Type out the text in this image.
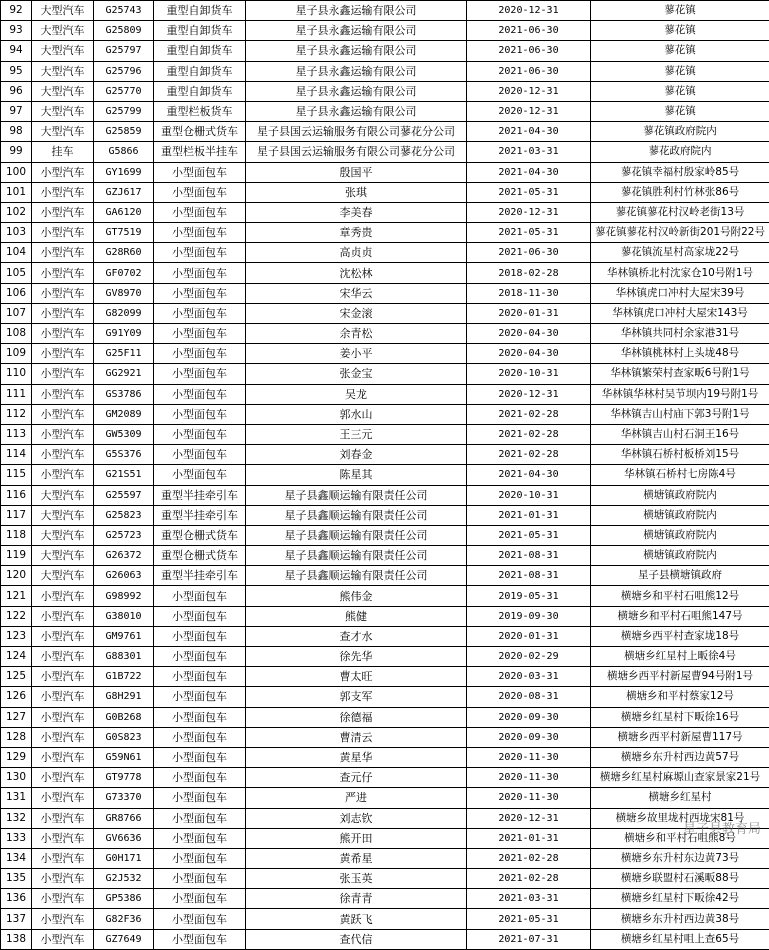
92	大型汽车	G25743	重型自卸货车	星子县永鑫运输有限公司	2020-12-31	蓼花镇
93	大型汽车	G25809	重型自卸货车	星子县永鑫运输有限公司	2021-06-30	蓼花镇
94	大型汽车	G25797	重型自卸货车	星子县永鑫运输有限公司	2021-06-30	蓼花镇
95	大型汽车	G25796	重型自卸货车	星子县永鑫运输有限公司	2021-06-30	蓼花镇
96	大型汽车	G25770	重型自卸货车	星子县永鑫运输有限公司	2020-12-31	蓼花镇
97	大型汽车	G25799	重型栏板货车	星子县永鑫运输有限公司	2020-12-31	蓼花镇
98	大型汽车	G25859	重型仓栅式货车	星子县国云运输服务有限公司蓼花分公司	2021-04-30	蓼花镇政府院内
99	挂车	G5866	重型栏板半挂车	星子县国云运输服务有限公司蓼花分公司	2021-03-31	蓼花政府院内
100	小型汽车	GY1699	小型面包车	殷国平	2021-04-30	蓼花镇幸福村殷家岭85号
101	小型汽车	GZJ617	小型面包车	张琪	2021-05-31	蓼花镇胜利村竹林张86号
102	小型汽车	GA6120	小型面包车	李美春	2020-12-31	蓼花镇蓼花村汉岭老街13号
103	小型汽车	GT7519	小型面包车	章秀贵	2021-05-31	蓼花镇蓼花村汉岭新街201号附22号
104	小型汽车	G28R60	小型面包车	高贞贞	2021-06-30	蓼花镇流星村高家垅22号
105	小型汽车	GF0702	小型面包车	沈松林	2018-02-28	华林镇桥北村沈家仓10号附1号
106	小型汽车	GV8970	小型面包车	宋华云	2018-11-30	华林镇虎口冲村大屋宋39号
107	小型汽车	G82099	小型面包车	宋金滚	2020-01-31	华林镇虎口冲村大屋宋143号
108	小型汽车	G91Y09	小型面包车	余青松	2020-04-30	华林镇共同村余家港31号
109	小型汽车	G25F11	小型面包车	姜小平	2020-04-30	华林镇桃林村上头垅48号
110	小型汽车	GG2921	小型面包车	张金宝	2020-10-31	华林镇繁荣村查家畈6号附1号
111	小型汽车	GS3786	小型面包车	吴龙	2020-12-31	华林镇华林村吴节坝内19号附1号
112	小型汽车	GM2089	小型面包车	郭水山	2021-02-28	华林镇吉山村庙下郭3号附1号
113	小型汽车	GW5309	小型面包车	王三元	2021-02-28	华林镇吉山村石洞王16号
114	小型汽车	G5S376	小型面包车	刘春金	2021-02-28	华林镇石桥村板桥刘15号
115	小型汽车	G21S51	小型面包车	陈星其	2021-04-30	华林镇石桥村七房陈4号
116	大型汽车	G25597	重型半挂牵引车	星子县鑫顺运输有限责任公司	2020-10-31	横塘镇政府院内
117	大型汽车	G25823	重型半挂牵引车	星子县鑫顺运输有限责任公司	2021-01-31	横塘镇政府院内
118	大型汽车	G25723	重型仓栅式货车	星子县鑫顺运输有限责任公司	2021-05-31	横塘镇政府院内
119	大型汽车	G26372	重型仓栅式货车	星子县鑫顺运输有限责任公司	2021-08-31	横塘镇政府院内
120	大型汽车	G26063	重型半挂牵引车	星子县鑫顺运输有限责任公司	2021-08-31	星子县横塘镇政府
121	小型汽车	G98992	小型面包车	熊伟金	2019-05-31	横塘乡和平村石咀熊12号
122	小型汽车	G38010	小型面包车	熊健	2019-09-30	横塘乡和平村石咀熊147号
123	小型汽车	GM9761	小型面包车	查才水	2020-01-31	横塘乡西平村查家垅18号
124	小型汽车	G88301	小型面包车	徐先华	2020-02-29	横塘乡红星村上畈徐4号
125	小型汽车	G1B722	小型面包车	曹太旺	2020-03-31	横塘乡西平村新屋曹94号附1号
126	小型汽车	G8H291	小型面包车	郭支军	2020-08-31	横塘乡和平村蔡家12号
127	小型汽车	G0B268	小型面包车	徐德福	2020-09-30	横塘乡红星村下畈徐16号
128	小型汽车	G0S823	小型面包车	曹清云	2020-09-30	横塘乡西平村新屋曹117号
129	小型汽车	G59N61	小型面包车	黄星华	2020-11-30	横塘乡东升村西边黄57号
130	小型汽车	GT9778	小型面包车	查元仔	2020-11-30	横塘乡红星村麻塬山查家景家21号
131	小型汽车	G73370	小型面包车	严进	2020-11-30	横塘乡红星村
132	小型汽车	GR8766	小型面包车	刘志钦	2020-12-31	横塘乡故里垅村西垅宋81号
133	小型汽车	GV6636	小型面包车	熊开田	2021-01-31	横塘乡和平村石咀熊8号
134	小型汽车	G0H171	小型面包车	黄希星	2021-02-28	横塘乡东升村东边黄73号
135	小型汽车	G2J532	小型面包车	张玉英	2021-02-28	横塘乡联盟村石溪畈88号
136	小型汽车	GP5386	小型面包车	徐青青	2021-03-31	横塘乡红星村下畈徐42号
137	小型汽车	G82F36	小型面包车	黄跃飞	2021-05-31	横塘乡东升村西边黄38号
138	小型汽车	GZ7649	小型面包车	查代信	2021-07-31	横塘乡红星村咀上查65号
星子县教育局
